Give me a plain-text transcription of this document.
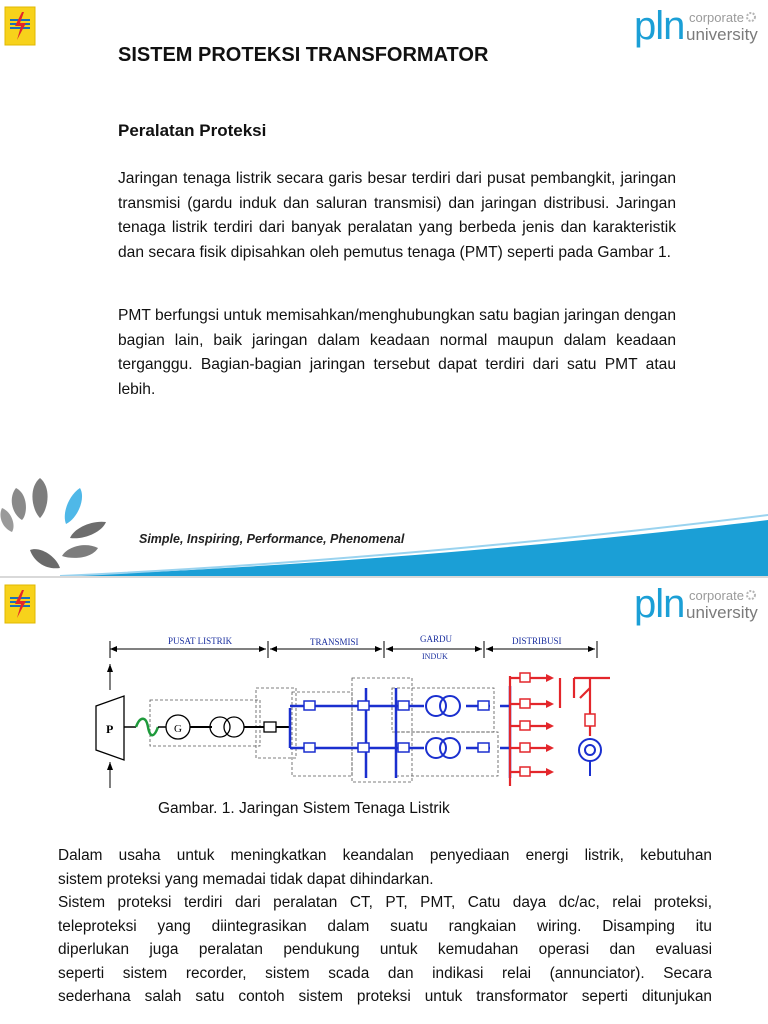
pln corporate
university
SISTEM PROTEKSI TRANSFORMATOR
Peralatan Proteksi
Jaringan tenaga listrik secara garis besar terdiri dari pusat pembangkit, jaringan transmisi (gardu induk dan saluran transmisi) dan jaringan distribusi. Jaringan tenaga listrik terdiri dari banyak peralatan yang berbeda jenis dan karakteristik dan secara fisik dipisahkan oleh pemutus tenaga (PMT) seperti pada Gambar 1.
PMT berfungsi untuk memisahkan/menghubungkan satu bagian jaringan dengan bagian lain, baik jaringan dalam keadaan normal maupun dalam keadaan terganggu. Bagian-bagian jaringan tersebut dapat terdiri dari satu PMT atau lebih.
Simple, Inspiring, Performance, Phenomenal
pln corporate
university
PUSAT LISTRIK	TRANSMISI	GARDU
INDUK
DISTRIBUSI
P	G
Gambar. 1. Jaringan Sistem Tenaga Listrik
Dalam usaha untuk meningkatkan keandalan penyediaan energi listrik, kebutuhan
sistem proteksi yang memadai tidak dapat dihindarkan.
Sistem proteksi terdiri dari peralatan CT, PT, PMT, Catu daya dc/ac, relai proteksi,
teleproteksi yang diintegrasikan dalam suatu rangkaian wiring. Disamping itu
diperlukan juga peralatan pendukung untuk kemudahan operasi dan evaluasi
seperti sistem recorder, sistem scada dan indikasi relai (annunciator). Secara
sederhana salah satu contoh sistem proteksi untuk transformator seperti ditunjukan
